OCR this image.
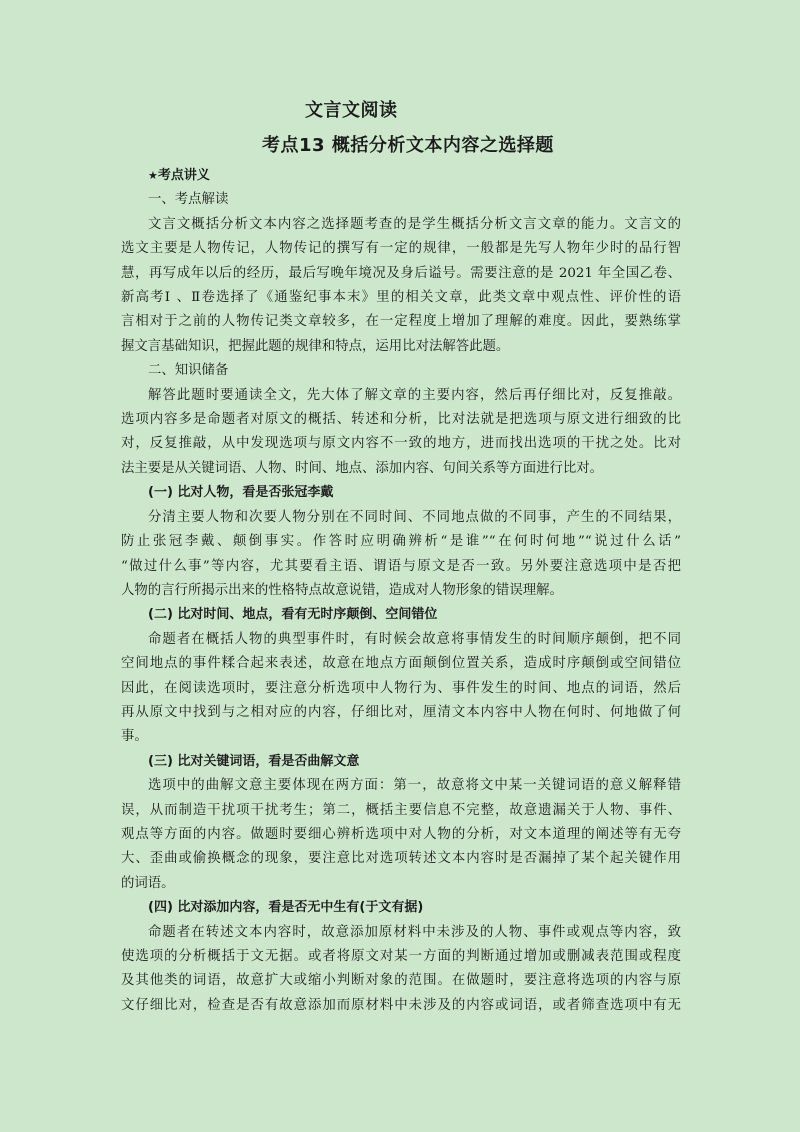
文言文阅读
考点13 概括分析文本内容之选择题
★考点讲义
一、考点解读
文言文概括分析文本内容之选择题考查的是学生概括分析文言文章的能力。文言文的
选文主要是人物传记，人物传记的撰写有一定的规律，一般都是先写人物年少时的品行智
慧，再写成年以后的经历，最后写晚年境况及身后谥号。需要注意的是 2021 年全国乙卷、
新高考Ⅰ 、Ⅱ卷选择了《通鉴纪事本末》里的相关文章，此类文章中观点性、评价性的语
言相对于之前的人物传记类文章较多，在一定程度上增加了理解的难度。因此，要熟练掌
握文言基础知识，把握此题的规律和特点，运用比对法解答此题。
二、知识储备
解答此题时要通读全文，先大体了解文章的主要内容，然后再仔细比对，反复推敲。
选项内容多是命题者对原文的概括、转述和分析，比对法就是把选项与原文进行细致的比
对，反复推敲，从中发现选项与原文内容不一致的地方，进而找出选项的干扰之处。比对
法主要是从关键词语、人物、时间、地点、添加内容、句间关系等方面进行比对。
(一) 比对人物，看是否张冠李戴
分清主要人物和次要人物分别在不同时间、不同地点做的不同事，产生的不同结果，
防止张冠李戴、颠倒事实。作答时应明确辨析“是谁”“在何时何地”“说过什么话”
“做过什么事”等内容，尤其要看主语、谓语与原文是否一致。另外要注意选项中是否把
人物的言行所揭示出来的性格特点故意说错，造成对人物形象的错误理解。
(二) 比对时间、地点，看有无时序颠倒、空间错位
命题者在概括人物的典型事件时，有时候会故意将事情发生的时间顺序颠倒，把不同
空间地点的事件糅合起来表述，故意在地点方面颠倒位置关系，造成时序颠倒或空间错位
因此，在阅读选项时，要注意分析选项中人物行为、事件发生的时间、地点的词语，然后
再从原文中找到与之相对应的内容，仔细比对，厘清文本内容中人物在何时、何地做了何
事。
(三) 比对关键词语，看是否曲解文意
选项中的曲解文意主要体现在两方面：第一，故意将文中某一关键词语的意义解释错
误，从而制造干扰项干扰考生；第二，概括主要信息不完整，故意遗漏关于人物、事件、
观点等方面的内容。做题时要细心辨析选项中对人物的分析，对文本道理的阐述等有无夸
大、歪曲或偷换概念的现象，要注意比对选项转述文本内容时是否漏掉了某个起关键作用
的词语。
(四) 比对添加内容，看是否无中生有(于文有据)
命题者在转述文本内容时，故意添加原材料中未涉及的人物、事件或观点等内容，致
使选项的分析概括于文无据。或者将原文对某一方面的判断通过增加或删减表范围或程度
及其他类的词语，故意扩大或缩小判断对象的范围。在做题时，要注意将选项的内容与原
文仔细比对，检查是否有故意添加而原材料中未涉及的内容或词语，或者筛查选项中有无
